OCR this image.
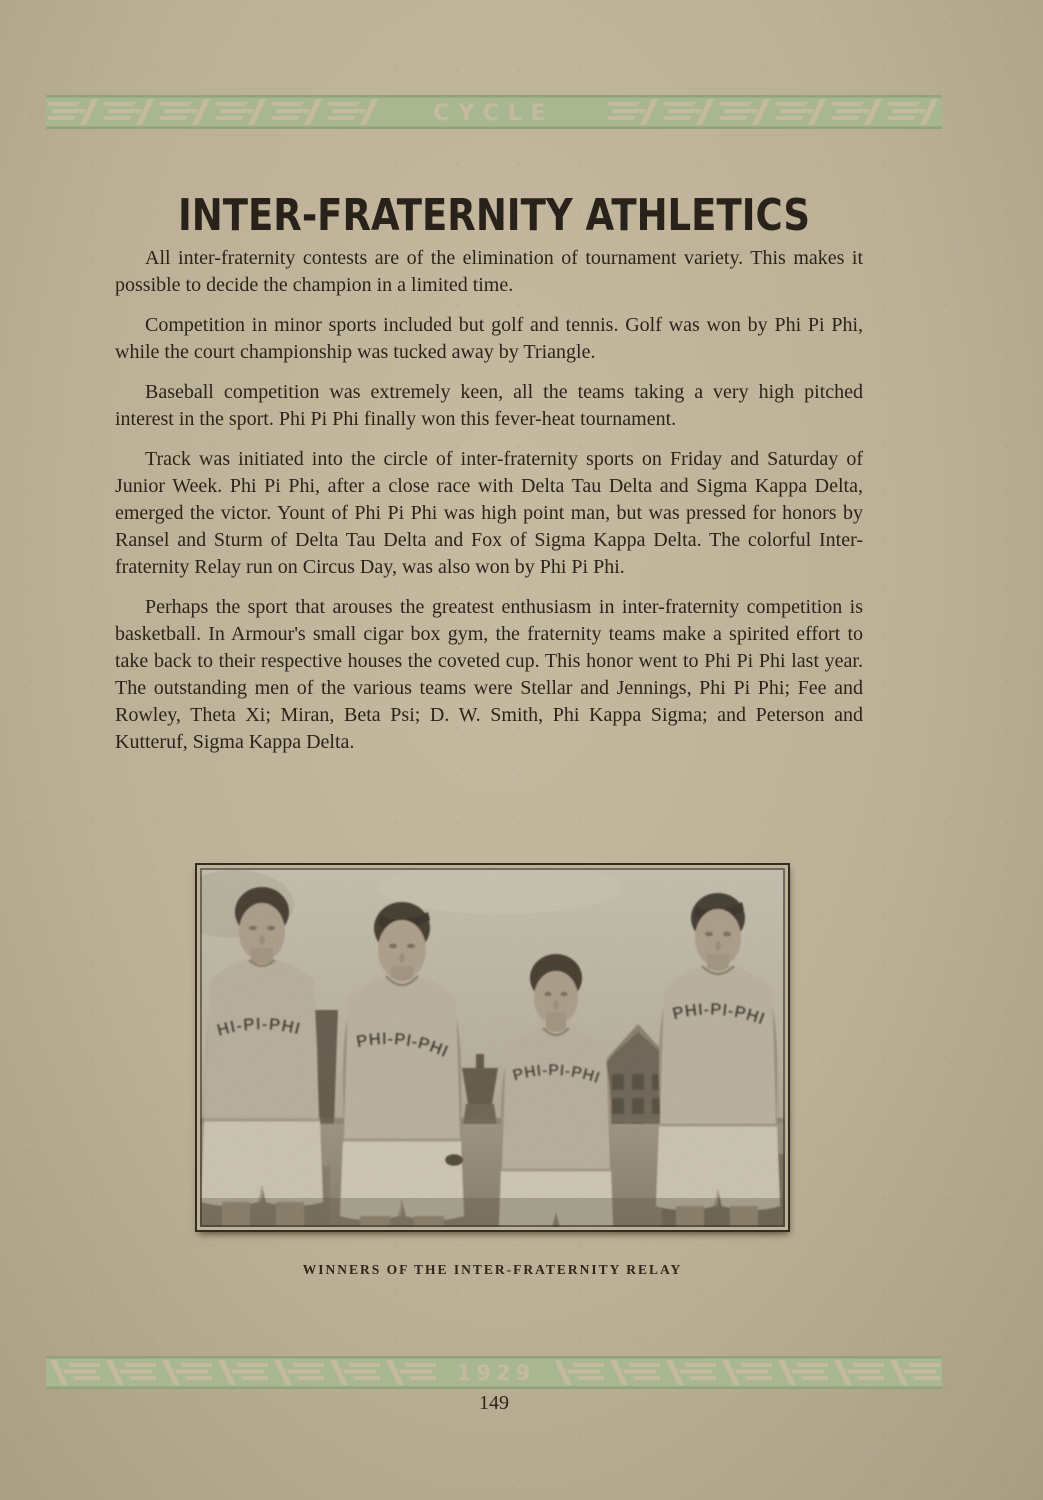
CYCLE
INTER-FRATERNITY ATHLETICS

All inter-fraternity contests are of the elimination of tournament variety. This makes it possible to decide the champion in a limited time.

Competition in minor sports included but golf and tennis. Golf was won by Phi Pi Phi, while the court championship was tucked away by Triangle.

Baseball competition was extremely keen, all the teams taking a very high pitched interest in the sport. Phi Pi Phi finally won this fever-heat tournament.

Track was initiated into the circle of inter-fraternity sports on Friday and Saturday of Junior Week. Phi Pi Phi, after a close race with Delta Tau Delta and Sigma Kappa Delta, emerged the victor. Yount of Phi Pi Phi was high point man, but was pressed for honors by Ransel and Sturm of Delta Tau Delta and Fox of Sigma Kappa Delta. The colorful Inter-fraternity Relay run on Circus Day, was also won by Phi Pi Phi.

Perhaps the sport that arouses the greatest enthusiasm in inter-fraternity competition is basketball. In Armour's small cigar box gym, the fraternity teams make a spirited effort to take back to their respective houses the coveted cup. This honor went to Phi Pi Phi last year. The outstanding men of the various teams were Stellar and Jennings, Phi Pi Phi; Fee and Rowley, Theta Xi; Miran, Beta Psi; D. W. Smith, Phi Kappa Sigma; and Peterson and Kutteruf, Sigma Kappa Delta.

WINNERS OF THE INTER-FRATERNITY RELAY
1929
149
